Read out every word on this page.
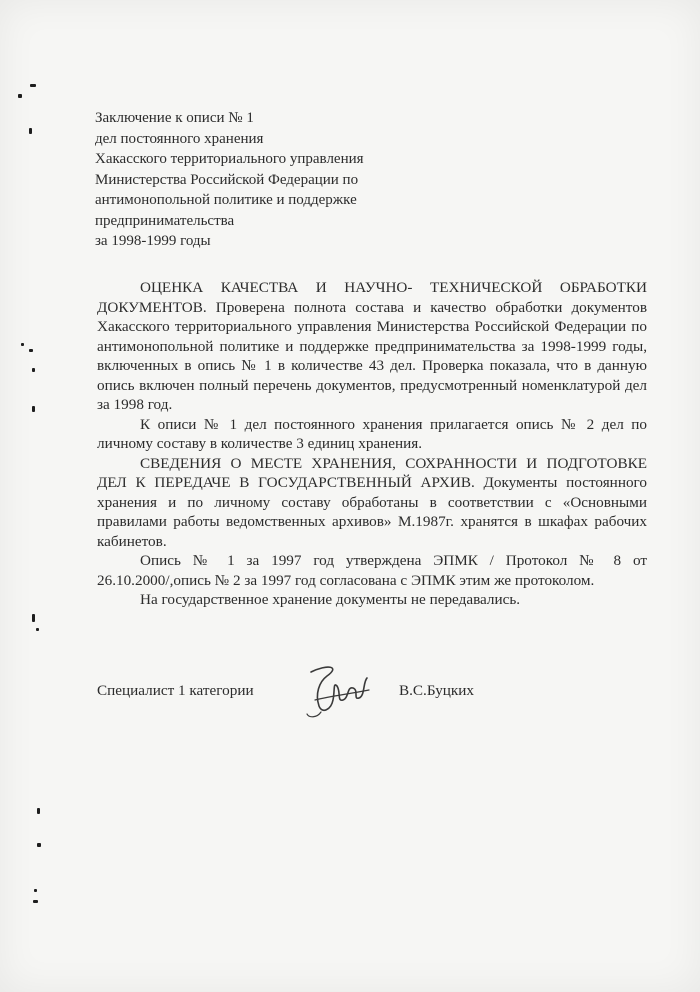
Заключение к описи № 1
дел постоянного хранения
Хакасского территориального управления
Министерства Российской Федерации по
антимонопольной политике и поддержке
предпринимательства
за 1998-1999 годы

ОЦЕНКА КАЧЕСТВА И НАУЧНО- ТЕХНИЧЕСКОЙ ОБРАБОТКИ ДОКУМЕНТОВ. Проверена полнота состава и качество обработки документов Хакасского территориального управления Министерства Российской Федерации по антимонопольной политике и поддержке предпринимательства за 1998-1999 годы, включенных в опись № 1 в количестве 43 дел. Проверка показала, что в данную опись включен полный перечень документов, предусмотренный номенклатурой дел за 1998 год.

К описи № 1 дел постоянного хранения прилагается опись № 2 дел по личному составу в количестве 3 единиц хранения.

СВЕДЕНИЯ О МЕСТЕ ХРАНЕНИЯ, СОХРАННОСТИ И ПОДГОТОВКЕ ДЕЛ К ПЕРЕДАЧЕ В ГОСУДАРСТВЕННЫЙ АРХИВ. Документы постоянного хранения и по личному составу обработаны в соответствии с «Основными правилами работы ведомственных архивов» М.1987г. хранятся в шкафах рабочих кабинетов.

Опись № 1 за 1997 год утверждена ЭПМК / Протокол № 8 от 26.10.2000/,опись № 2 за 1997 год согласована с ЭПМК этим же протоколом.

На государственное хранение документы не передавались.

Специалист 1 категории	В.С.Буцких
